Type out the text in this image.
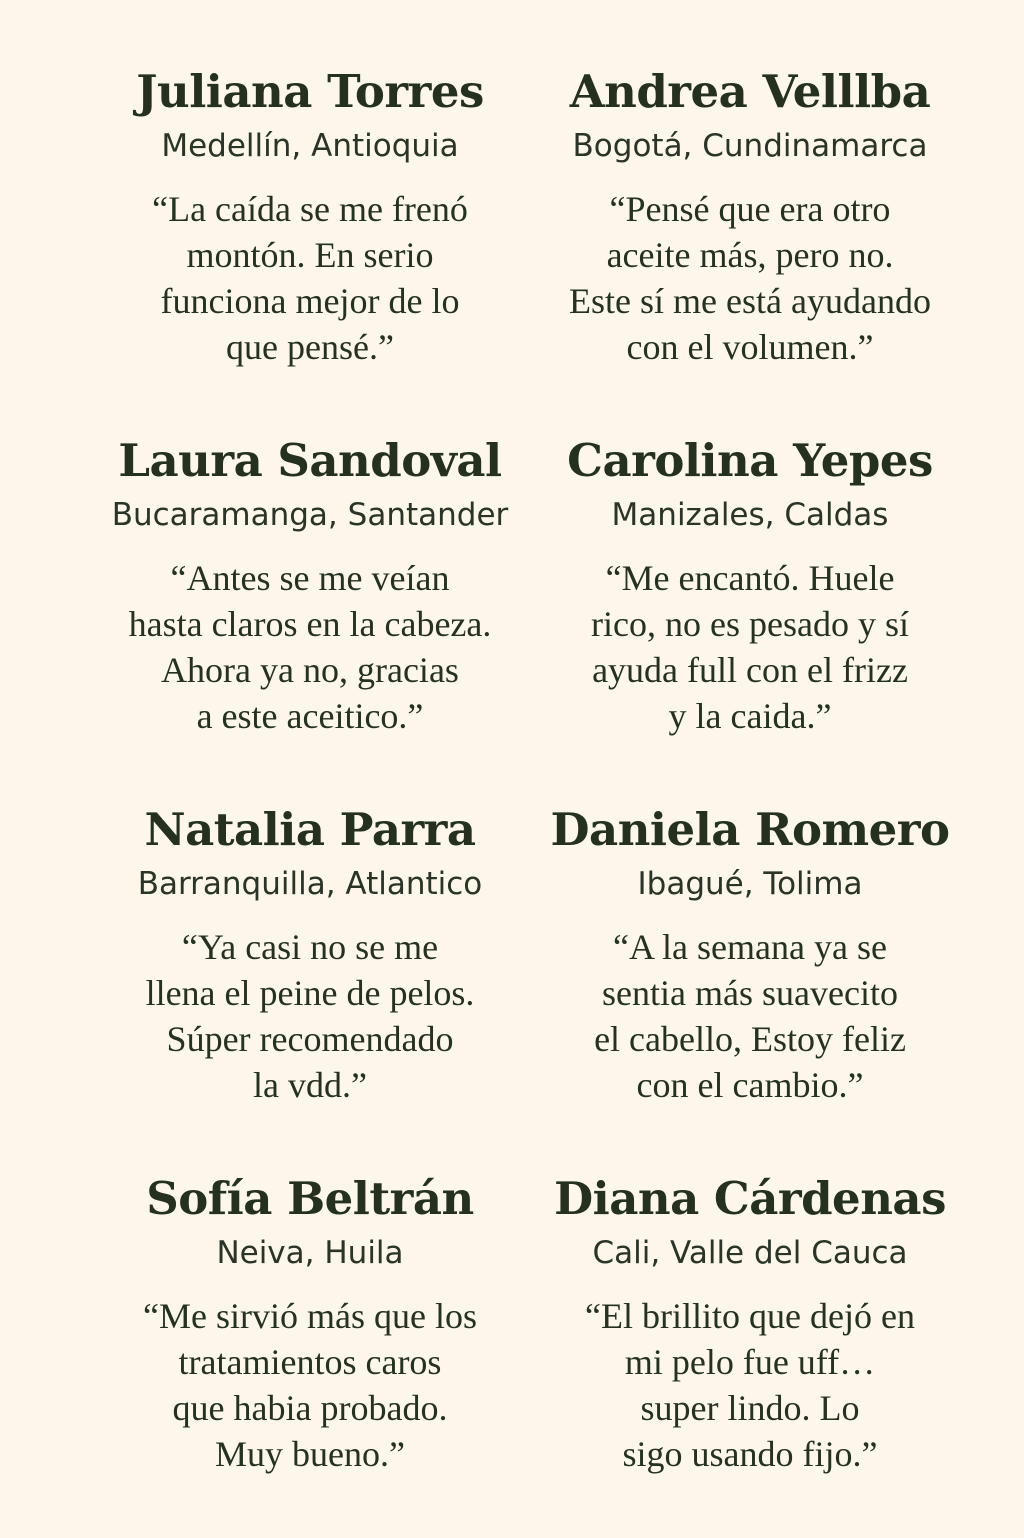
Juliana Torres
Medellín, Antioquia
“La caída se me frenó
montón. En serio
funciona mejor de lo
que pensé.”
Andrea Velllba
Bogotá, Cundinamarca
“Pensé que era otro
aceite más, pero no.
Este sí me está ayudando
con el volumen.”
Laura Sandoval
Bucaramanga, Santander
“Antes se me veían
hasta claros en la cabeza.
Ahora ya no, gracias
a este aceitico.”
Carolina Yepes
Manizales, Caldas
“Me encantó. Huele
rico, no es pesado y sí
ayuda full con el frizz
y la caida.”
Natalia Parra
Barranquilla, Atlantico
“Ya casi no se me
llena el peine de pelos.
Súper recomendado
la vdd.”
Daniela Romero
Ibagué, Tolima
“A la semana ya se
sentia más suavecito
el cabello, Estoy feliz
con el cambio.”
Sofía Beltrán
Neiva, Huila
“Me sirvió más que los
tratamientos caros
que habia probado.
Muy bueno.”
Diana Cárdenas
Cali, Valle del Cauca
“El brillito que dejó en
mi pelo fue uff…
super lindo. Lo
sigo usando fijo.”
